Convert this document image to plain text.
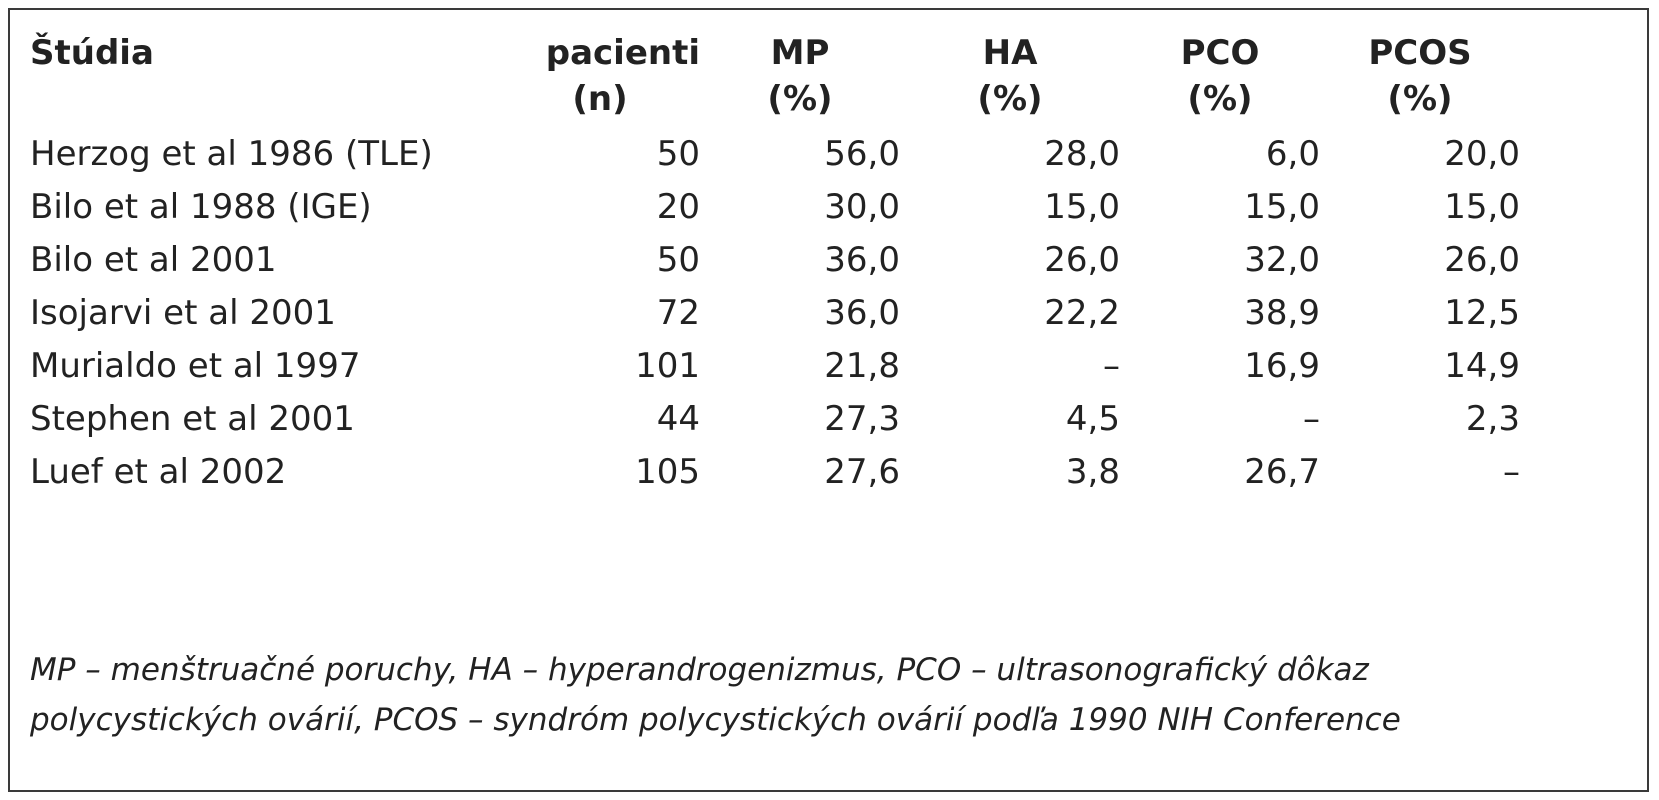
Štúdia	pacienti	MP	HA	PCO	PCOS
	(n)	(%)	(%)	(%)	(%)
Herzog et al 1986 (TLE)	50	56,0	28,0	6,0	20,0
Bilo et al 1988 (IGE)	20	30,0	15,0	15,0	15,0
Bilo et al 2001	50	36,0	26,0	32,0	26,0
Isojarvi et al 2001	72	36,0	22,2	38,9	12,5
Murialdo et al 1997	101	21,8	–	16,9	14,9
Stephen et al 2001	44	27,3	4,5	–	2,3
Luef et al 2002	105	27,6	3,8	26,7	–
MP – menštruačné poruchy, HA – hyperandrogenizmus, PCO – ultrasonografický dôkaz
polycystických ovárií, PCOS – syndróm polycystických ovárií podľa 1990 NIH Conference
